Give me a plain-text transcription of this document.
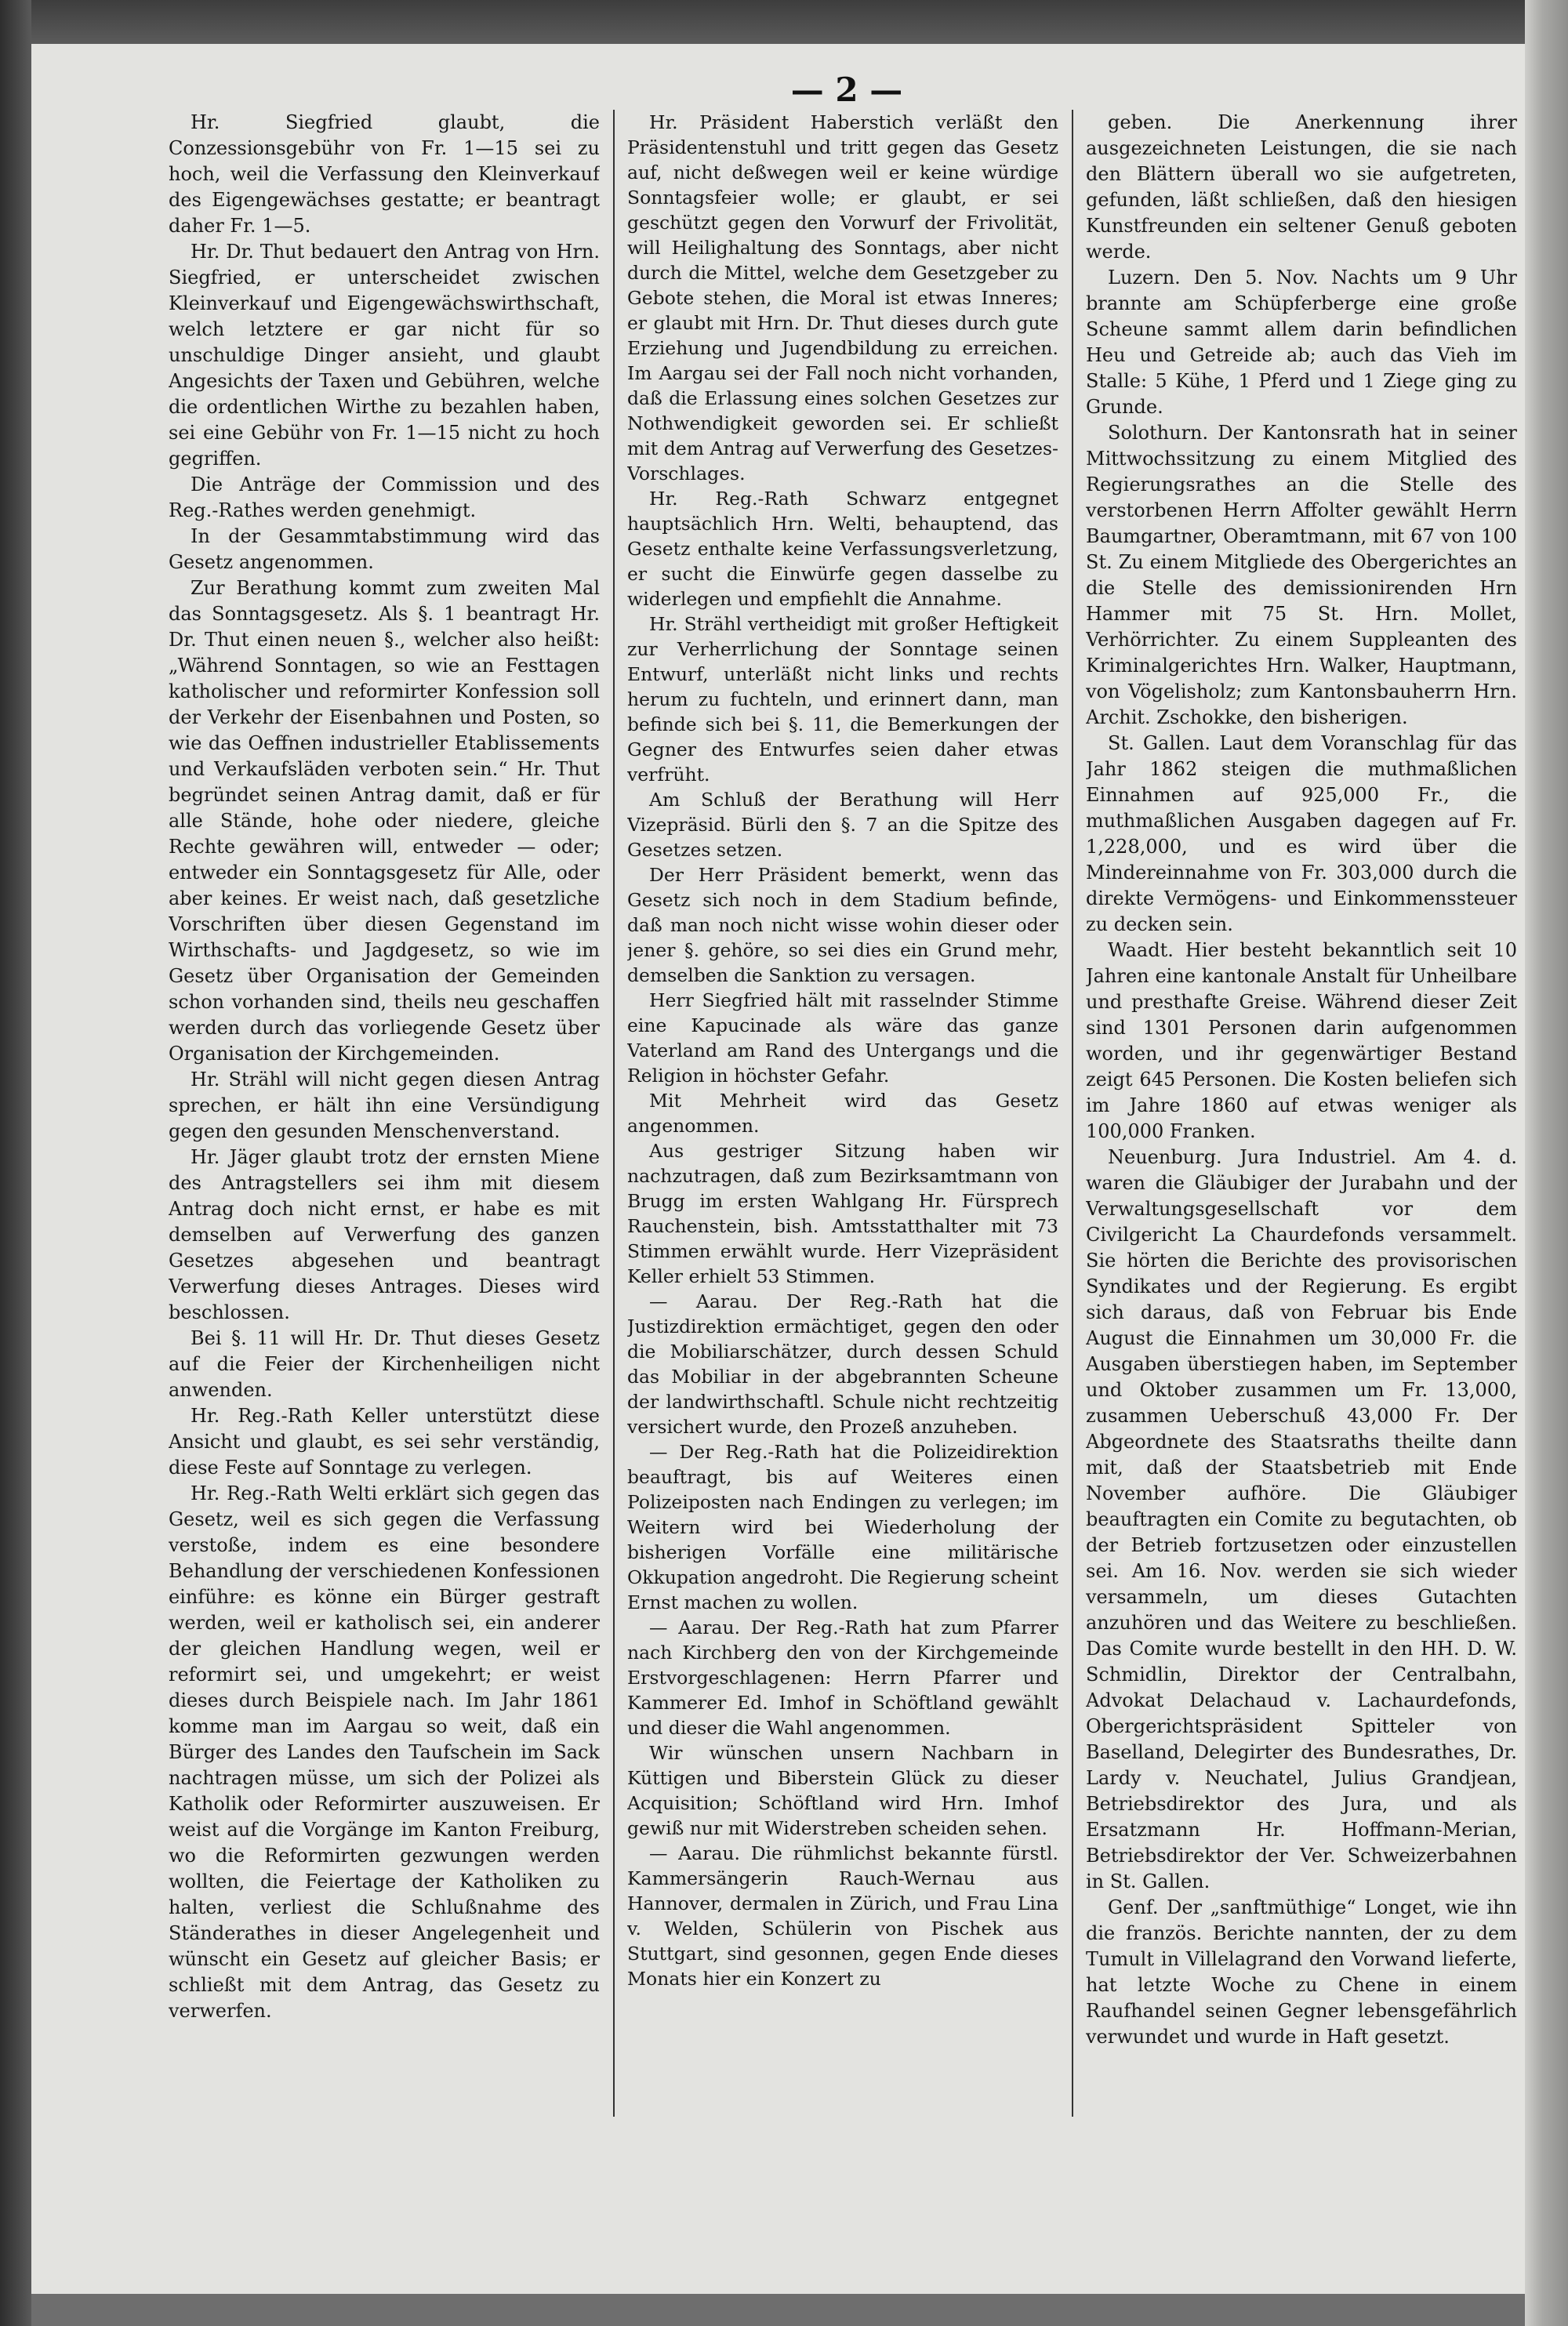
— 2 —

Hr. Siegfried glaubt, die Conzessionsgebühr von Fr. 1—15 sei zu hoch, weil die Verfassung den Kleinverkauf des Eigengewächses gestatte; er beantragt daher Fr. 1—5.

Hr. Dr. Thut bedauert den Antrag von Hrn. Siegfried, er unterscheidet zwischen Kleinverkauf und Eigengewächswirthschaft, welch letztere er gar nicht für so unschuldige Dinger ansieht, und glaubt Angesichts der Taxen und Gebühren, welche die ordentlichen Wirthe zu bezahlen haben, sei eine Gebühr von Fr. 1—15 nicht zu hoch gegriffen.

Die Anträge der Commission und des Reg.-Rathes werden genehmigt.

In der Gesammtabstimmung wird das Gesetz angenommen.

Zur Berathung kommt zum zweiten Mal das Sonntagsgesetz. Als §. 1 beantragt Hr. Dr. Thut einen neuen §., welcher also heißt: „Während Sonntagen, so wie an Festtagen katholischer und reformirter Konfession soll der Verkehr der Eisenbahnen und Posten, so wie das Oeffnen industrieller Etablissements und Verkaufsläden verboten sein.“ Hr. Thut begründet seinen Antrag damit, daß er für alle Stände, hohe oder niedere, gleiche Rechte gewähren will, entweder — oder; entweder ein Sonntagsgesetz für Alle, oder aber keines. Er weist nach, daß gesetzliche Vorschriften über diesen Gegenstand im Wirthschafts- und Jagdgesetz, so wie im Gesetz über Organisation der Gemeinden schon vorhanden sind, theils neu geschaffen werden durch das vorliegende Gesetz über Organisation der Kirchgemeinden.

Hr. Strähl will nicht gegen diesen Antrag sprechen, er hält ihn eine Versündigung gegen den gesunden Menschenverstand.

Hr. Jäger glaubt trotz der ernsten Miene des Antragstellers sei ihm mit diesem Antrag doch nicht ernst, er habe es mit demselben auf Verwerfung des ganzen Gesetzes abgesehen und beantragt Verwerfung dieses Antrages. Dieses wird beschlossen.

Bei §. 11 will Hr. Dr. Thut dieses Gesetz auf die Feier der Kirchenheiligen nicht anwenden.

Hr. Reg.-Rath Keller unterstützt diese Ansicht und glaubt, es sei sehr verständig, diese Feste auf Sonntage zu verlegen.

Hr. Reg.-Rath Welti erklärt sich gegen das Gesetz, weil es sich gegen die Verfassung verstoße, indem es eine besondere Behandlung der verschiedenen Konfessionen einführe: es könne ein Bürger gestraft werden, weil er katholisch sei, ein anderer der gleichen Handlung wegen, weil er reformirt sei, und umgekehrt; er weist dieses durch Beispiele nach. Im Jahr 1861 komme man im Aargau so weit, daß ein Bürger des Landes den Taufschein im Sack nachtragen müsse, um sich der Polizei als Katholik oder Reformirter auszuweisen. Er weist auf die Vorgänge im Kanton Freiburg, wo die Reformirten gezwungen werden wollten, die Feiertage der Katholiken zu halten, verliest die Schlußnahme des Ständerathes in dieser Angelegenheit und wünscht ein Gesetz auf gleicher Basis; er schließt mit dem Antrag, das Gesetz zu verwerfen.

Hr. Präsident Haberstich verläßt den Präsidentenstuhl und tritt gegen das Gesetz auf, nicht deßwegen weil er keine würdige Sonntagsfeier wolle; er glaubt, er sei geschützt gegen den Vorwurf der Frivolität, will Heilighaltung des Sonntags, aber nicht durch die Mittel, welche dem Gesetzgeber zu Gebote stehen, die Moral ist etwas Inneres; er glaubt mit Hrn. Dr. Thut dieses durch gute Erziehung und Jugendbildung zu erreichen. Im Aargau sei der Fall noch nicht vorhanden, daß die Erlassung eines solchen Gesetzes zur Nothwendigkeit geworden sei. Er schließt mit dem Antrag auf Verwerfung des Gesetzes-Vorschlages.

Hr. Reg.-Rath Schwarz entgegnet hauptsächlich Hrn. Welti, behauptend, das Gesetz enthalte keine Verfassungsverletzung, er sucht die Einwürfe gegen dasselbe zu widerlegen und empfiehlt die Annahme.

Hr. Strähl vertheidigt mit großer Heftigkeit zur Verherrlichung der Sonntage seinen Entwurf, unterläßt nicht links und rechts herum zu fuchteln, und erinnert dann, man befinde sich bei §. 11, die Bemerkungen der Gegner des Entwurfes seien daher etwas verfrüht.

Am Schluß der Berathung will Herr Vizepräsid. Bürli den §. 7 an die Spitze des Gesetzes setzen.

Der Herr Präsident bemerkt, wenn das Gesetz sich noch in dem Stadium befinde, daß man noch nicht wisse wohin dieser oder jener §. gehöre, so sei dies ein Grund mehr, demselben die Sanktion zu versagen.

Herr Siegfried hält mit rasselnder Stimme eine Kapucinade als wäre das ganze Vaterland am Rand des Untergangs und die Religion in höchster Gefahr.

Mit Mehrheit wird das Gesetz angenommen.

Aus gestriger Sitzung haben wir nachzutragen, daß zum Bezirksamtmann von Brugg im ersten Wahlgang Hr. Fürsprech Rauchenstein, bish. Amtsstatthalter mit 73 Stimmen erwählt wurde. Herr Vizepräsident Keller erhielt 53 Stimmen.

— Aarau. Der Reg.-Rath hat die Justizdirektion ermächtiget, gegen den oder die Mobiliarschätzer, durch dessen Schuld das Mobiliar in der abgebrannten Scheune der landwirthschaftl. Schule nicht rechtzeitig versichert wurde, den Prozeß anzuheben.

— Der Reg.-Rath hat die Polizeidirektion beauftragt, bis auf Weiteres einen Polizeiposten nach Endingen zu verlegen; im Weitern wird bei Wiederholung der bisherigen Vorfälle eine militärische Okkupation angedroht. Die Regierung scheint Ernst machen zu wollen.

— Aarau. Der Reg.-Rath hat zum Pfarrer nach Kirchberg den von der Kirchgemeinde Erstvorgeschlagenen: Herrn Pfarrer und Kammerer Ed. Imhof in Schöftland gewählt und dieser die Wahl angenommen.

Wir wünschen unsern Nachbarn in Küttigen und Biberstein Glück zu dieser Acquisition; Schöftland wird Hrn. Imhof gewiß nur mit Widerstreben scheiden sehen.

— Aarau. Die rühmlichst bekannte fürstl. Kammersängerin Rauch-Wernau aus Hannover, dermalen in Zürich, und Frau Lina v. Welden, Schülerin von Pischek aus Stuttgart, sind gesonnen, gegen Ende dieses Monats hier ein Konzert zu

geben. Die Anerkennung ihrer ausgezeichneten Leistungen, die sie nach den Blättern überall wo sie aufgetreten, gefunden, läßt schließen, daß den hiesigen Kunstfreunden ein seltener Genuß geboten werde.

Luzern. Den 5. Nov. Nachts um 9 Uhr brannte am Schüpferberge eine große Scheune sammt allem darin befindlichen Heu und Getreide ab; auch das Vieh im Stalle: 5 Kühe, 1 Pferd und 1 Ziege ging zu Grunde.

Solothurn. Der Kantonsrath hat in seiner Mittwochssitzung zu einem Mitglied des Regierungsrathes an die Stelle des verstorbenen Herrn Affolter gewählt Herrn Baumgartner, Oberamtmann, mit 67 von 100 St. Zu einem Mitgliede des Obergerichtes an die Stelle des demissionirenden Hrn Hammer mit 75 St. Hrn. Mollet, Verhörrichter. Zu einem Suppleanten des Kriminalgerichtes Hrn. Walker, Hauptmann, von Vögelisholz; zum Kantonsbauherrn Hrn. Archit. Zschokke, den bisherigen.

St. Gallen. Laut dem Voranschlag für das Jahr 1862 steigen die muthmaßlichen Einnahmen auf 925,000 Fr., die muthmaßlichen Ausgaben dagegen auf Fr. 1,228,000, und es wird über die Mindereinnahme von Fr. 303,000 durch die direkte Vermögens- und Einkommenssteuer zu decken sein.

Waadt. Hier besteht bekanntlich seit 10 Jahren eine kantonale Anstalt für Unheilbare und presthafte Greise. Während dieser Zeit sind 1301 Personen darin aufgenommen worden, und ihr gegenwärtiger Bestand zeigt 645 Personen. Die Kosten beliefen sich im Jahre 1860 auf etwas weniger als 100,000 Franken.

Neuenburg. Jura Industriel. Am 4. d. waren die Gläubiger der Jurabahn und der Verwaltungsgesellschaft vor dem Civilgericht La Chaurdefonds versammelt. Sie hörten die Berichte des provisorischen Syndikates und der Regierung. Es ergibt sich daraus, daß von Februar bis Ende August die Einnahmen um 30,000 Fr. die Ausgaben überstiegen haben, im September und Oktober zusammen um Fr. 13,000, zusammen Ueberschuß 43,000 Fr. Der Abgeordnete des Staatsraths theilte dann mit, daß der Staatsbetrieb mit Ende November aufhöre. Die Gläubiger beauftragten ein Comite zu begutachten, ob der Betrieb fortzusetzen oder einzustellen sei. Am 16. Nov. werden sie sich wieder versammeln, um dieses Gutachten anzuhören und das Weitere zu beschließen. Das Comite wurde bestellt in den HH. D. W. Schmidlin, Direktor der Centralbahn, Advokat Delachaud v. Lachaurdefonds, Obergerichtspräsident Spitteler von Baselland, Delegirter des Bundesrathes, Dr. Lardy v. Neuchatel, Julius Grandjean, Betriebsdirektor des Jura, und als Ersatzmann Hr. Hoffmann-Merian, Betriebsdirektor der Ver. Schweizerbahnen in St. Gallen.

Genf. Der „sanftmüthige“ Longet, wie ihn die französ. Berichte nannten, der zu dem Tumult in Villelagrand den Vorwand lieferte, hat letzte Woche zu Chene in einem Raufhandel seinen Gegner lebensgefährlich verwundet und wurde in Haft gesetzt.
